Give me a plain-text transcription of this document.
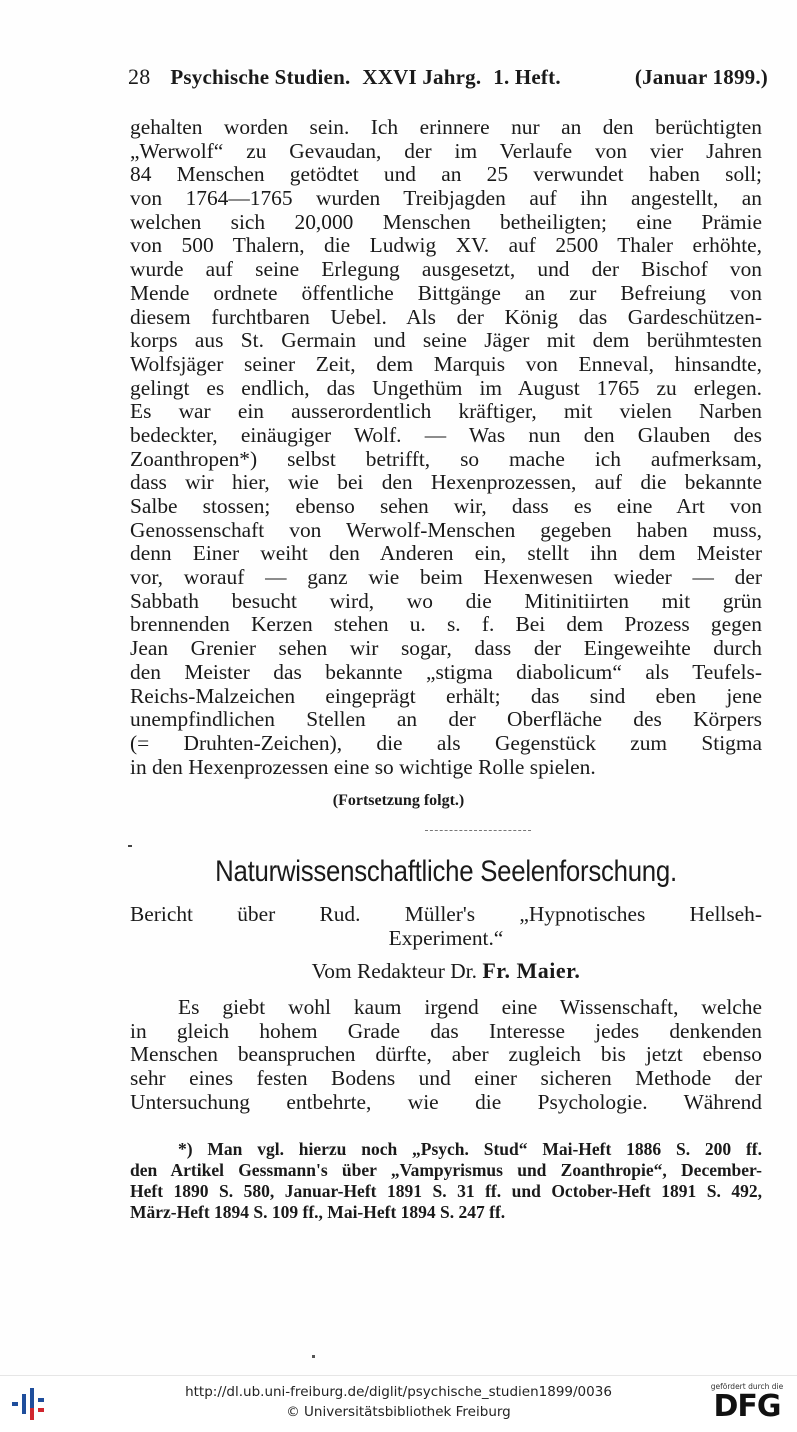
28 Psychische Studien. XXVI Jahrg. 1. Heft.	(Januar 1899.)
gehalten worden sein. Ich erinnere nur an den berüchtigten
„Werwolf“ zu Gevaudan, der im Verlaufe von vier Jahren
84 Menschen getödtet und an 25 verwundet haben soll;
von 1764—1765 wurden Treibjagden auf ihn angestellt, an
welchen sich 20,000 Menschen betheiligten; eine Prämie
von 500 Thalern, die Ludwig XV. auf 2500 Thaler erhöhte,
wurde auf seine Erlegung ausgesetzt, und der Bischof von
Mende ordnete öffentliche Bittgänge an zur Befreiung von
diesem furchtbaren Uebel. Als der König das Gardeschützen-
korps aus St. Germain und seine Jäger mit dem berühmtesten
Wolfsjäger seiner Zeit, dem Marquis von Enneval, hinsandte,
gelingt es endlich, das Ungethüm im August 1765 zu erlegen.
Es war ein ausserordentlich kräftiger, mit vielen Narben
bedeckter, einäugiger Wolf. — Was nun den Glauben des
Zoanthropen*) selbst betrifft, so mache ich aufmerksam,
dass wir hier, wie bei den Hexenprozessen, auf die bekannte
Salbe stossen; ebenso sehen wir, dass es eine Art von
Genossenschaft von Werwolf-Menschen gegeben haben muss,
denn Einer weiht den Anderen ein, stellt ihn dem Meister
vor, worauf — ganz wie beim Hexenwesen wieder — der
Sabbath besucht wird, wo die Mitinitiirten mit grün
brennenden Kerzen stehen u. s. f. Bei dem Prozess gegen
Jean Grenier sehen wir sogar, dass der Eingeweihte durch
den Meister das bekannte „stigma diabolicum“ als Teufels-
Reichs-Malzeichen eingeprägt erhält; das sind eben jene
unempfindlichen Stellen an der Oberfläche des Körpers
(= Druhten-Zeichen), die als Gegenstück zum Stigma
in den Hexenprozessen eine so wichtige Rolle spielen.
(Fortsetzung folgt.)
Naturwissenschaftliche Seelenforschung.
Bericht über Rud. Müller's „Hypnotisches Hellseh-
Experiment.“
Vom Redakteur Dr. Fr. Maier.
Es giebt wohl kaum irgend eine Wissenschaft, welche
in gleich hohem Grade das Interesse jedes denkenden
Menschen beanspruchen dürfte, aber zugleich bis jetzt ebenso
sehr eines festen Bodens und einer sicheren Methode der
Untersuchung entbehrte, wie die Psychologie. Während
*) Man vgl. hierzu noch „Psych. Stud“ Mai-Heft 1886 S. 200 ff.
den Artikel Gessmann's über „Vampyrismus und Zoanthropie“, December-
Heft 1890 S. 580, Januar-Heft 1891 S. 31 ff. und October-Heft 1891 S. 492,
März-Heft 1894 S. 109 ff., Mai-Heft 1894 S. 247 ff.
http://dl.ub.uni-freiburg.de/diglit/psychische_studien1899/0036
© Universitätsbibliothek Freiburg
gefördert durch die
DFG
